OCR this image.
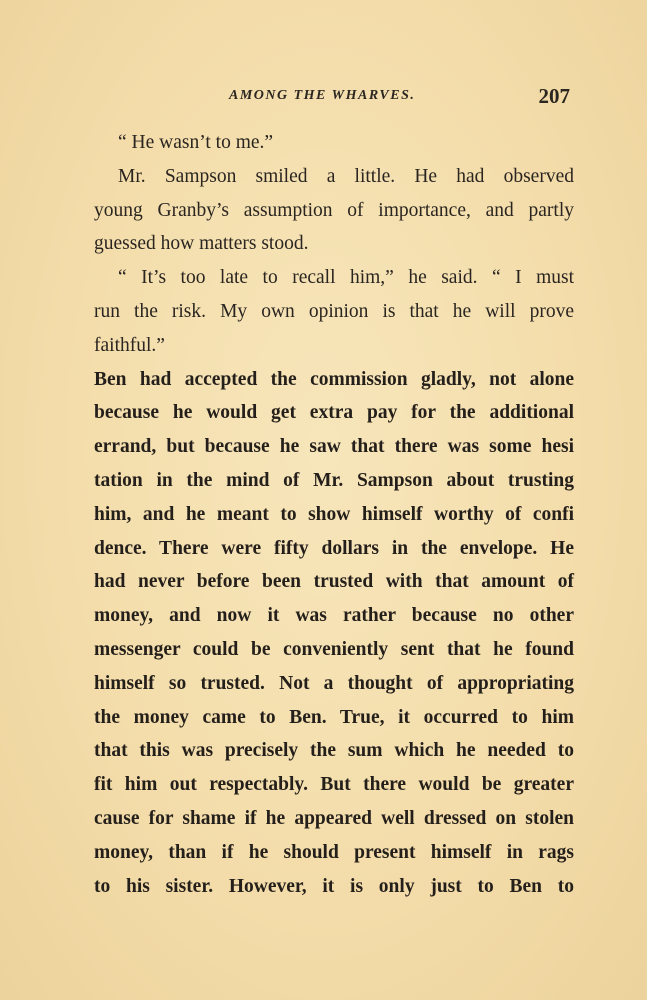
AMONG THE WHARVES.	207
“ He wasn’t to me.”
Mr. Sampson smiled a little. He had observed
young Granby’s assumption of importance, and partly
guessed how matters stood.
“ It’s too late to recall him,” he said. “ I must
run the risk. My own opinion is that he will prove
faithful.”
Ben had accepted the commission gladly, not alone
because he would get extra pay for the additional
errand, but because he saw that there was some hesi
tation in the mind of Mr. Sampson about trusting
him, and he meant to show himself worthy of confi
dence. There were fifty dollars in the envelope. He
had never before been trusted with that amount of
money, and now it was rather because no other
messenger could be conveniently sent that he found
himself so trusted. Not a thought of appropriating
the money came to Ben. True, it occurred to him
that this was precisely the sum which he needed to
fit him out respectably. But there would be greater
cause for shame if he appeared well dressed on stolen
money, than if he should present himself in rags
to his sister. However, it is only just to Ben to
